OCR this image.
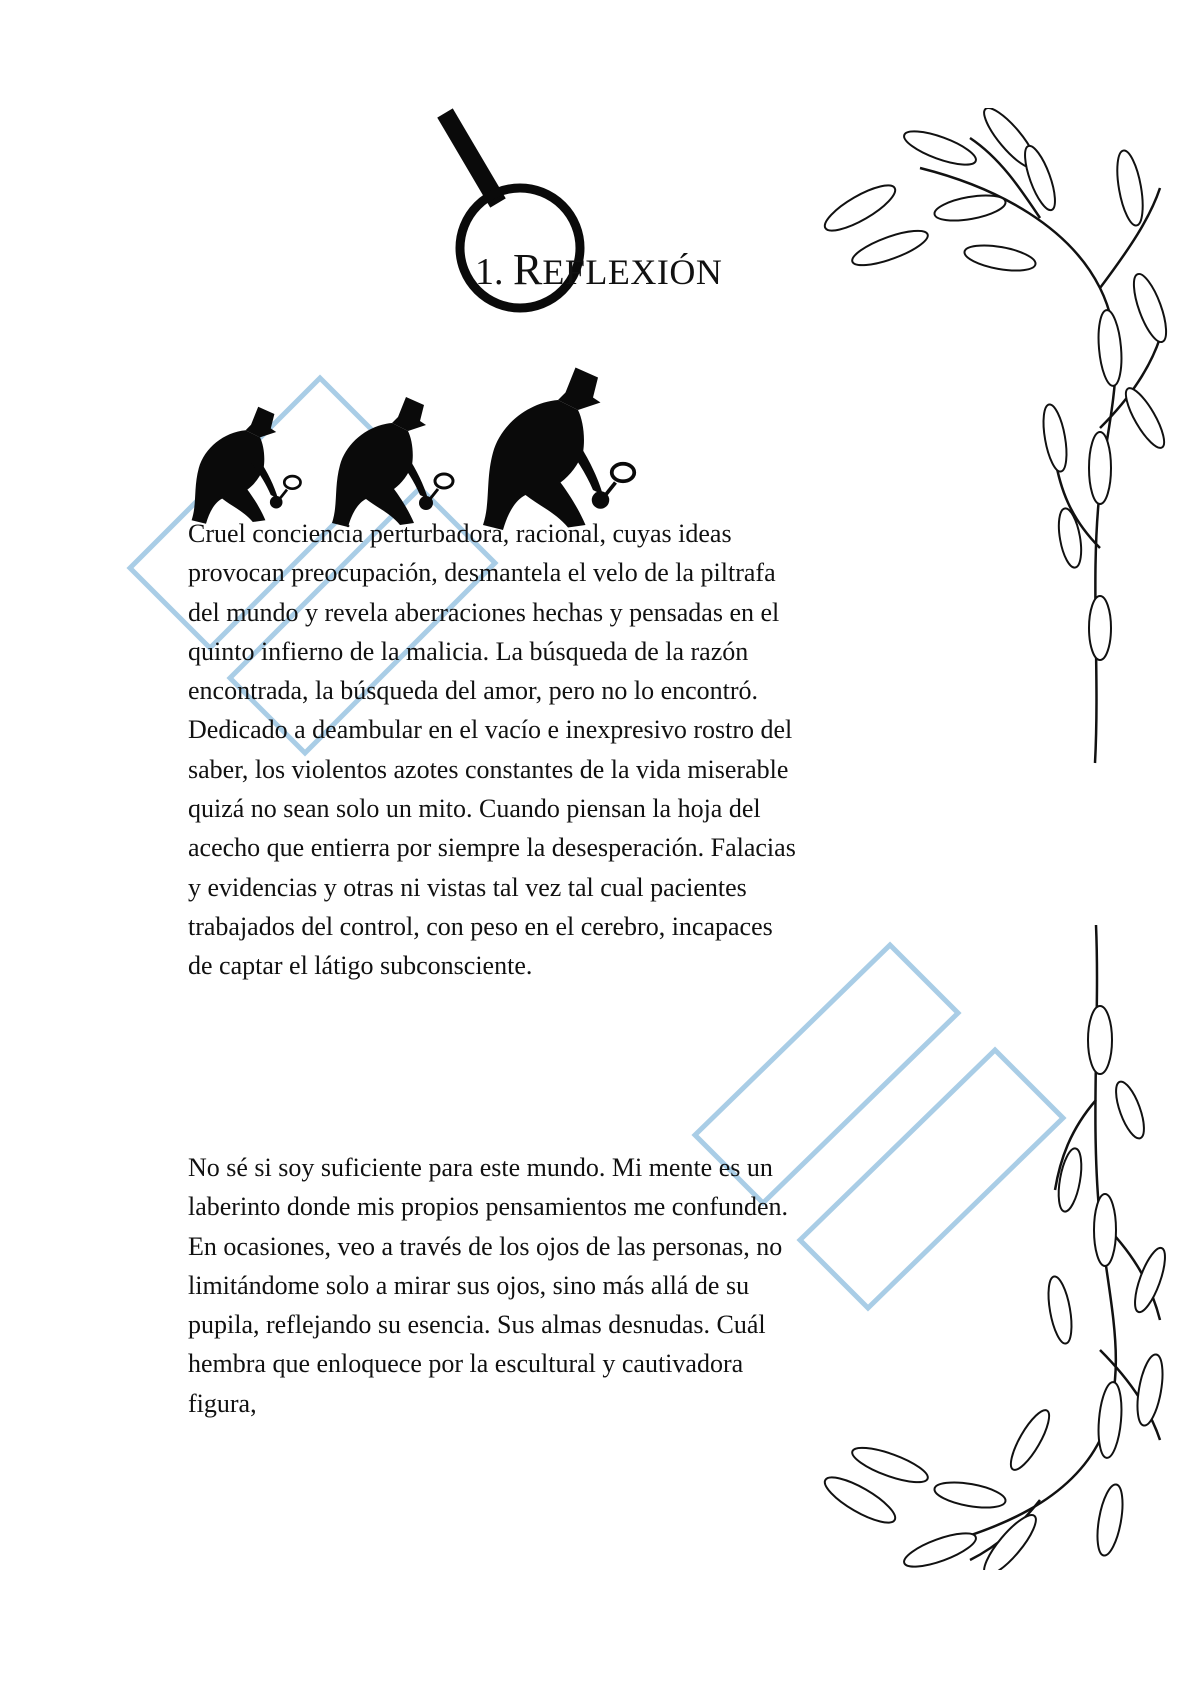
1. REFLEXIÓN

Cruel conciencia perturbadora, racional, cuyas ideas provocan preocupación, desmantela el velo de la piltrafa del mundo y revela aberraciones hechas y pensadas en el quinto infierno de la malicia. La búsqueda de la razón encontrada, la búsqueda del amor, pero no lo encontró. Dedicado a deambular en el vacío e inexpresivo rostro del saber, los violentos azotes constantes de la vida miserable quizá no sean solo un mito. Cuando piensan la hoja del acecho que entierra por siempre la desesperación. Falacias y evidencias y otras ni vistas tal vez tal cual pacientes trabajados del control, con peso en el cerebro, incapaces de captar el látigo subconsciente.

No sé si soy suficiente para este mundo. Mi mente es un laberinto donde mis propios pensamientos me confunden. En ocasiones, veo a través de los ojos de las personas, no limitándome solo a mirar sus ojos, sino más allá de su pupila, reflejando su esencia. Sus almas desnudas. Cuál hembra que enloquece por la escultural y cautivadora figura,
